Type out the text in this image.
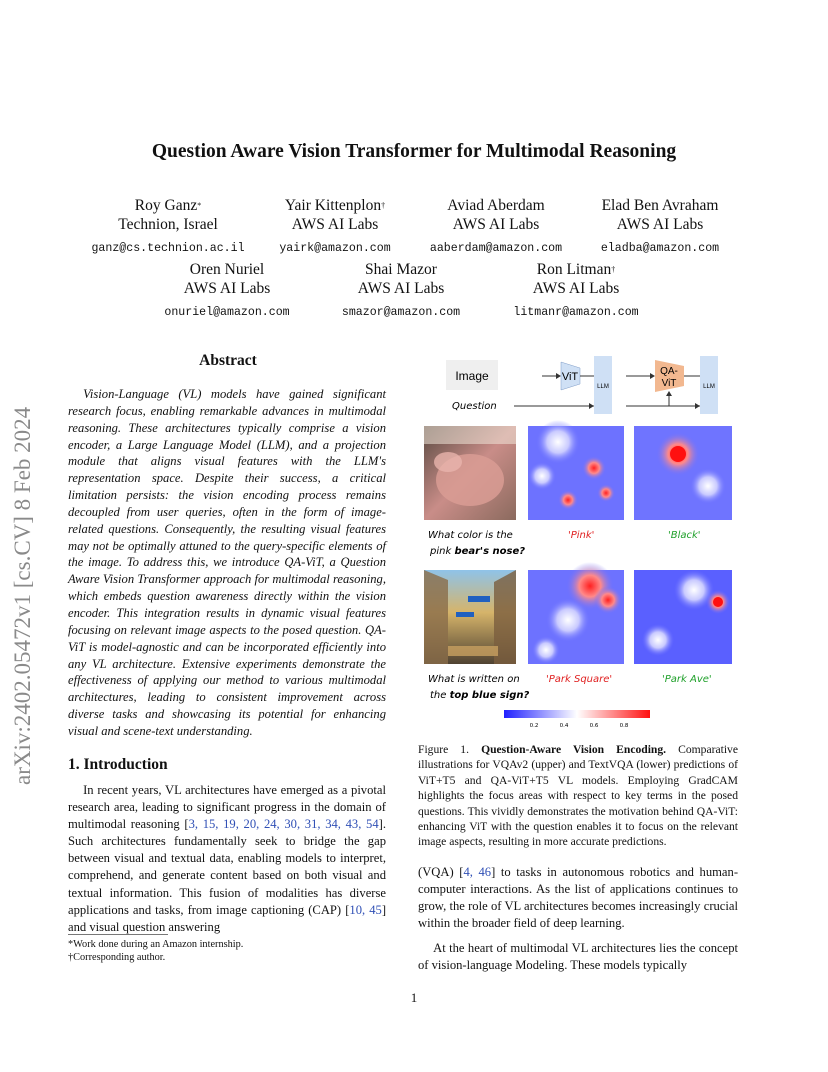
arXiv:2402.05472v1 [cs.CV] 8 Feb 2024
Question Aware Vision Transformer for Multimodal Reasoning
Roy Ganz*
Technion, Israel
ganz@cs.technion.ac.il
Yair Kittenplon†
AWS AI Labs
yairk@amazon.com
Aviad Aberdam
AWS AI Labs
aaberdam@amazon.com
Elad Ben Avraham
AWS AI Labs
eladba@amazon.com
Oren Nuriel
AWS AI Labs
onuriel@amazon.com
Shai Mazor
AWS AI Labs
smazor@amazon.com
Ron Litman†
AWS AI Labs
litmanr@amazon.com
Abstract
Vision-Language (VL) models have gained significant research focus, enabling remarkable advances in multimodal reasoning. These architectures typically comprise a vision encoder, a Large Language Model (LLM), and a projection module that aligns visual features with the LLM's representation space. Despite their success, a critical limitation persists: the vision encoding process remains decoupled from user queries, often in the form of image-related questions. Consequently, the resulting visual features may not be optimally attuned to the query-specific elements of the image. To address this, we introduce QA-ViT, a Question Aware Vision Transformer approach for multimodal reasoning, which embeds question awareness directly within the vision encoder. This integration results in dynamic visual features focusing on relevant image aspects to the posed question. QA-ViT is model-agnostic and can be incorporated efficiently into any VL architecture. Extensive experiments demonstrate the effectiveness of applying our method to various multimodal architectures, leading to consistent improvement across diverse tasks and showcasing its potential for enhancing visual and scene-text understanding.
1. Introduction

In recent years, VL architectures have emerged as a pivotal research area, leading to significant progress in the domain of multimodal reasoning [3, 15, 19, 20, 24, 30, 31, 34, 43, 54]. Such architectures fundamentally seek to bridge the gap between visual and textual data, enabling models to interpret, comprehend, and generate content based on both visual and textual information. This fusion of modalities has diverse applications and tasks, from image captioning (CAP) [10, 45] and visual question answering

*Work done during an Amazon internship.
†Corresponding author.
Image
Question
ViT
LLM
QA-
ViT	LLM
What color is the
pink bear's nose?
'Pink'	'Black'
What is written on
the top blue sign?
'Park Square'	'Park Ave'
0.2	0.4	0.6	0.8
Figure 1. Question-Aware Vision Encoding. Comparative illustrations for VQAv2 (upper) and TextVQA (lower) predictions of ViT+T5 and QA-ViT+T5 VL models. Employing GradCAM highlights the focus areas with respect to key terms in the posed questions. This vividly demonstrates the motivation behind QA-ViT: enhancing ViT with the question enables it to focus on the relevant image aspects, resulting in more accurate predictions.

(VQA) [4, 46] to tasks in autonomous robotics and human-computer interactions. As the list of applications continues to grow, the role of VL architectures becomes increasingly crucial within the broader field of deep learning.

At the heart of multimodal VL architectures lies the concept of vision-language Modeling. These models typically

1
